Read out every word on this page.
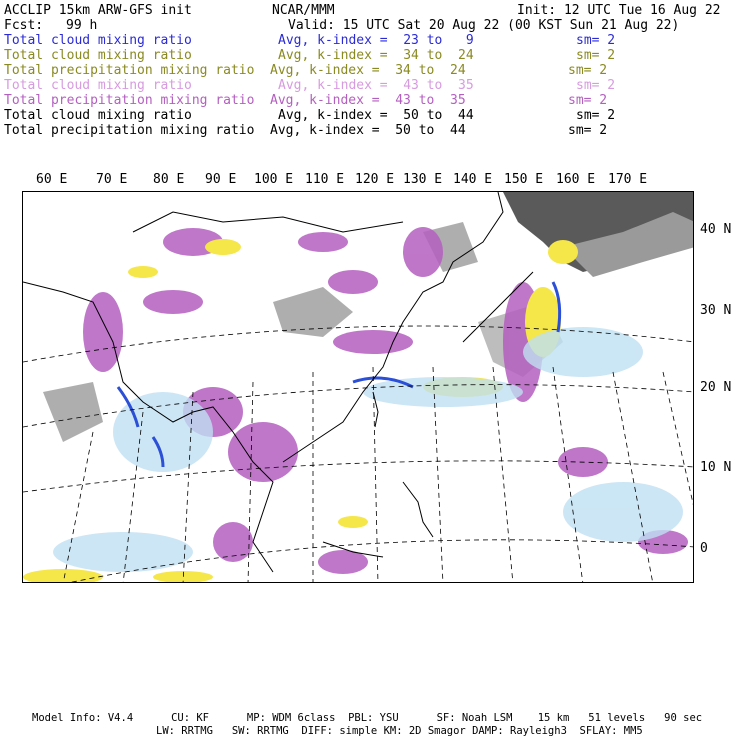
ACCLIP 15km ARW-GFS init	NCAR/MMM	Init: 12 UTC Tue 16 Aug 22
Fcst: 99 h	Valid: 15 UTC Sat 20 Aug 22 (00 KST Sun 21 Aug 22)
Total cloud mixing ratio	Avg, k-index =  23 to   9	sm= 2
Total cloud mixing ratio	Avg, k-index =  34 to  24	sm= 2
Total precipitation mixing ratio Avg, k-index =  34 to  24	sm= 2
Total cloud mixing ratio	Avg, k-index =  43 to  35	sm= 2
Total precipitation mixing ratio Avg, k-index =  43 to  35	sm= 2
Total cloud mixing ratio	Avg, k-index =  50 to  44	sm= 2
Total precipitation mixing ratio Avg, k-index =  50 to  44	sm= 2
60 E 70 E 80 E 90 E 100 E 110 E 120 E 130 E 140 E 150 E 160 E 170 E
40 N
30 N
20 N
10 N
0
Model Info: V4.4      CU: KF      MP: WDM 6class  PBL: YSU      SF: Noah LSM    15 km   51 levels   90 sec
LW: RRTMG   SW: RRTMG  DIFF: simple KM: 2D Smagor DAMP: Rayleigh3  SFLAY: MM5
